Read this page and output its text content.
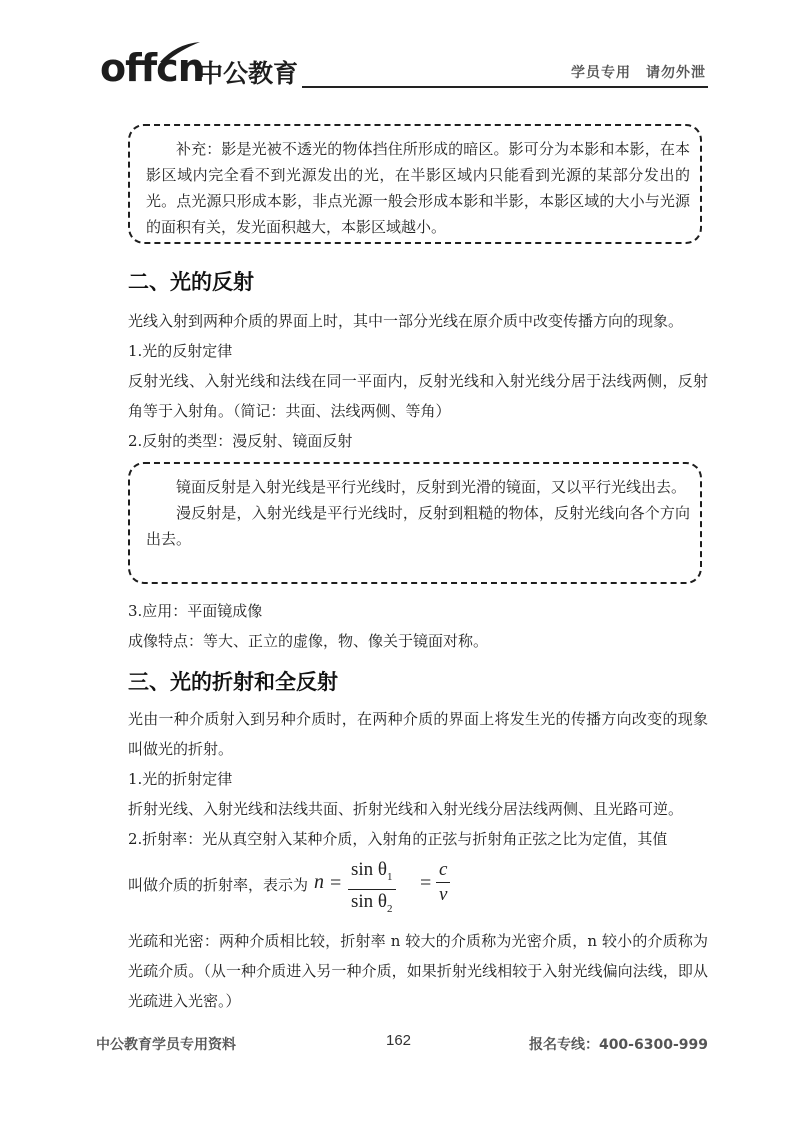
offcn
中公教育	学员专用　请勿外泄

补充：影是光被不透光的物体挡住所形成的暗区。影可分为本影和本影，在本影区域内完全看不到光源发出的光，在半影区域内只能看到光源的某部分发出的光。点光源只形成本影，非点光源一般会形成本影和半影，本影区域的大小与光源的面积有关，发光面积越大，本影区域越小。

二、光的反射

光线入射到两种介质的界面上时，其中一部分光线在原介质中改变传播方向的现象。

1.光的反射定律

反射光线、入射光线和法线在同一平面内，反射光线和入射光线分居于法线两侧，反射角等于入射角。（简记：共面、法线两侧、等角）

2.反射的类型：漫反射、镜面反射

镜面反射是入射光线是平行光线时，反射到光滑的镜面，又以平行光线出去。

漫反射是，入射光线是平行光线时，反射到粗糙的物体，反射光线向各个方向出去。

3.应用：平面镜成像

成像特点：等大、正立的虚像，物、像关于镜面对称。

三、光的折射和全反射

光由一种介质射入到另种介质时，在两种介质的界面上将发生光的传播方向改变的现象叫做光的折射。

1.光的折射定律

折射光线、入射光线和法线共面、折射光线和入射光线分居法线两侧、且光路可逆。

2.折射率：光从真空射入某种介质，入射角的正弦与折射角正弦之比为定值，其值

叫做介质的折射率，表示为 n =
$\sin \theta_1$
$\sin \theta_2$
=
c
v

光疏和光密：两种介质相比较，折射率 n 较大的介质称为光密介质，n 较小的介质称为光疏介质。（从一种介质进入另一种介质，如果折射光线相较于入射光线偏向法线，即从光疏进入光密。）

中公教育学员专用资料	162	报名专线：400-6300-999
